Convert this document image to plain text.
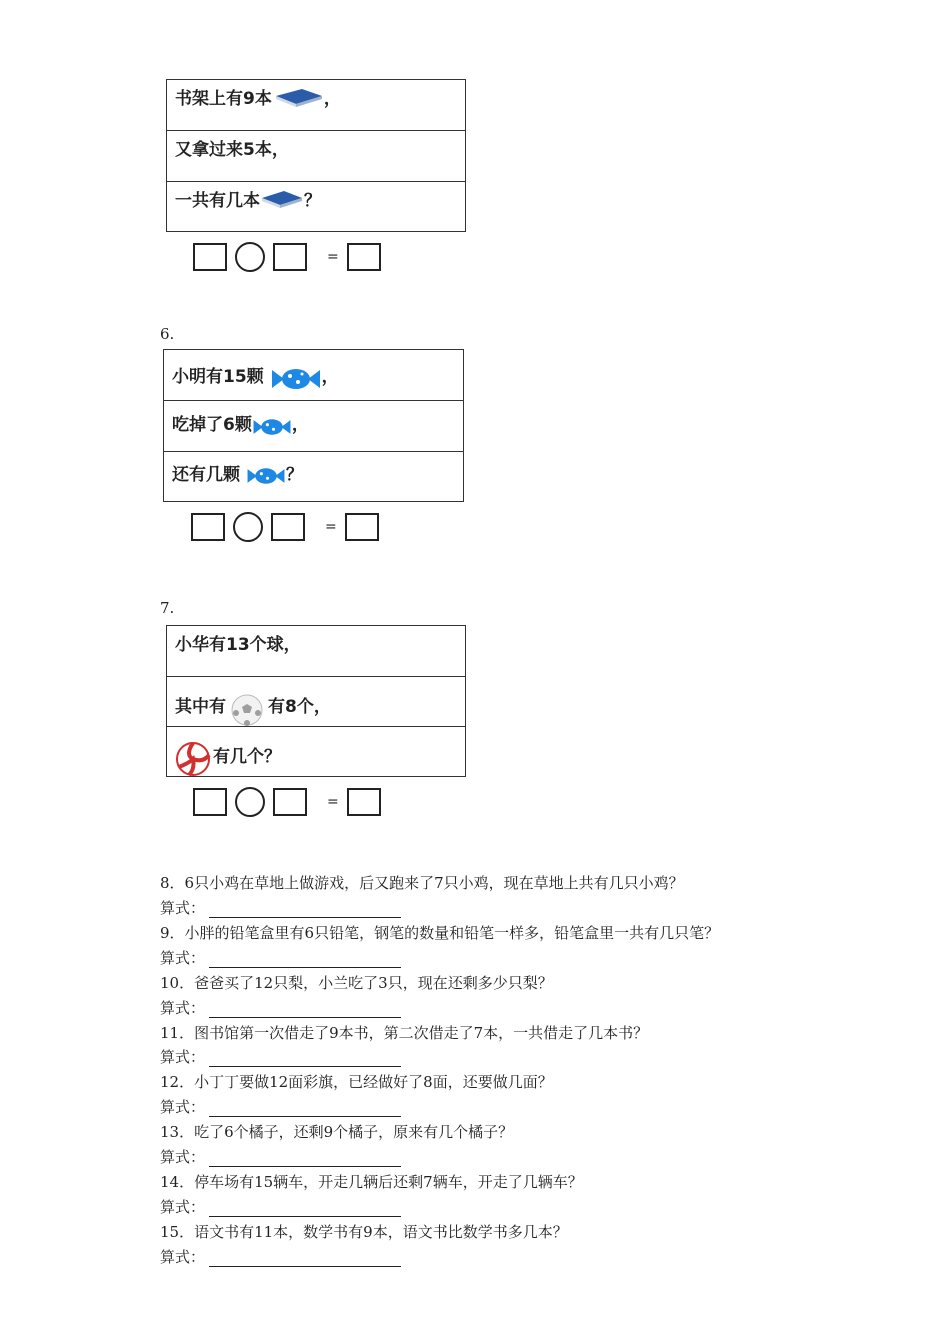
书架上有9本	，
又拿过来5本，
一共有几本	？
=
6.
小明有15颗	，
吃掉了6颗 ，
还有几颗	？
=
7.
小华有13个球，
其中有 有8个，
有几个？
=
8．6只小鸡在草地上做游戏，后又跑来了7只小鸡，现在草地上共有几只小鸡？
算式：
9．小胖的铅笔盒里有6只铅笔，钢笔的数量和铅笔一样多，铅笔盒里一共有几只笔？
算式：
10．爸爸买了12只梨，小兰吃了3只，现在还剩多少只梨？
算式：
11．图书馆第一次借走了9本书，第二次借走了7本，一共借走了几本书？
算式：
12．小丁丁要做12面彩旗，已经做好了8面，还要做几面？
算式：
13．吃了6个橘子，还剩9个橘子，原来有几个橘子？
算式：
14．停车场有15辆车，开走几辆后还剩7辆车，开走了几辆车？
算式：
15．语文书有11本，数学书有9本，语文书比数学书多几本？
算式：
